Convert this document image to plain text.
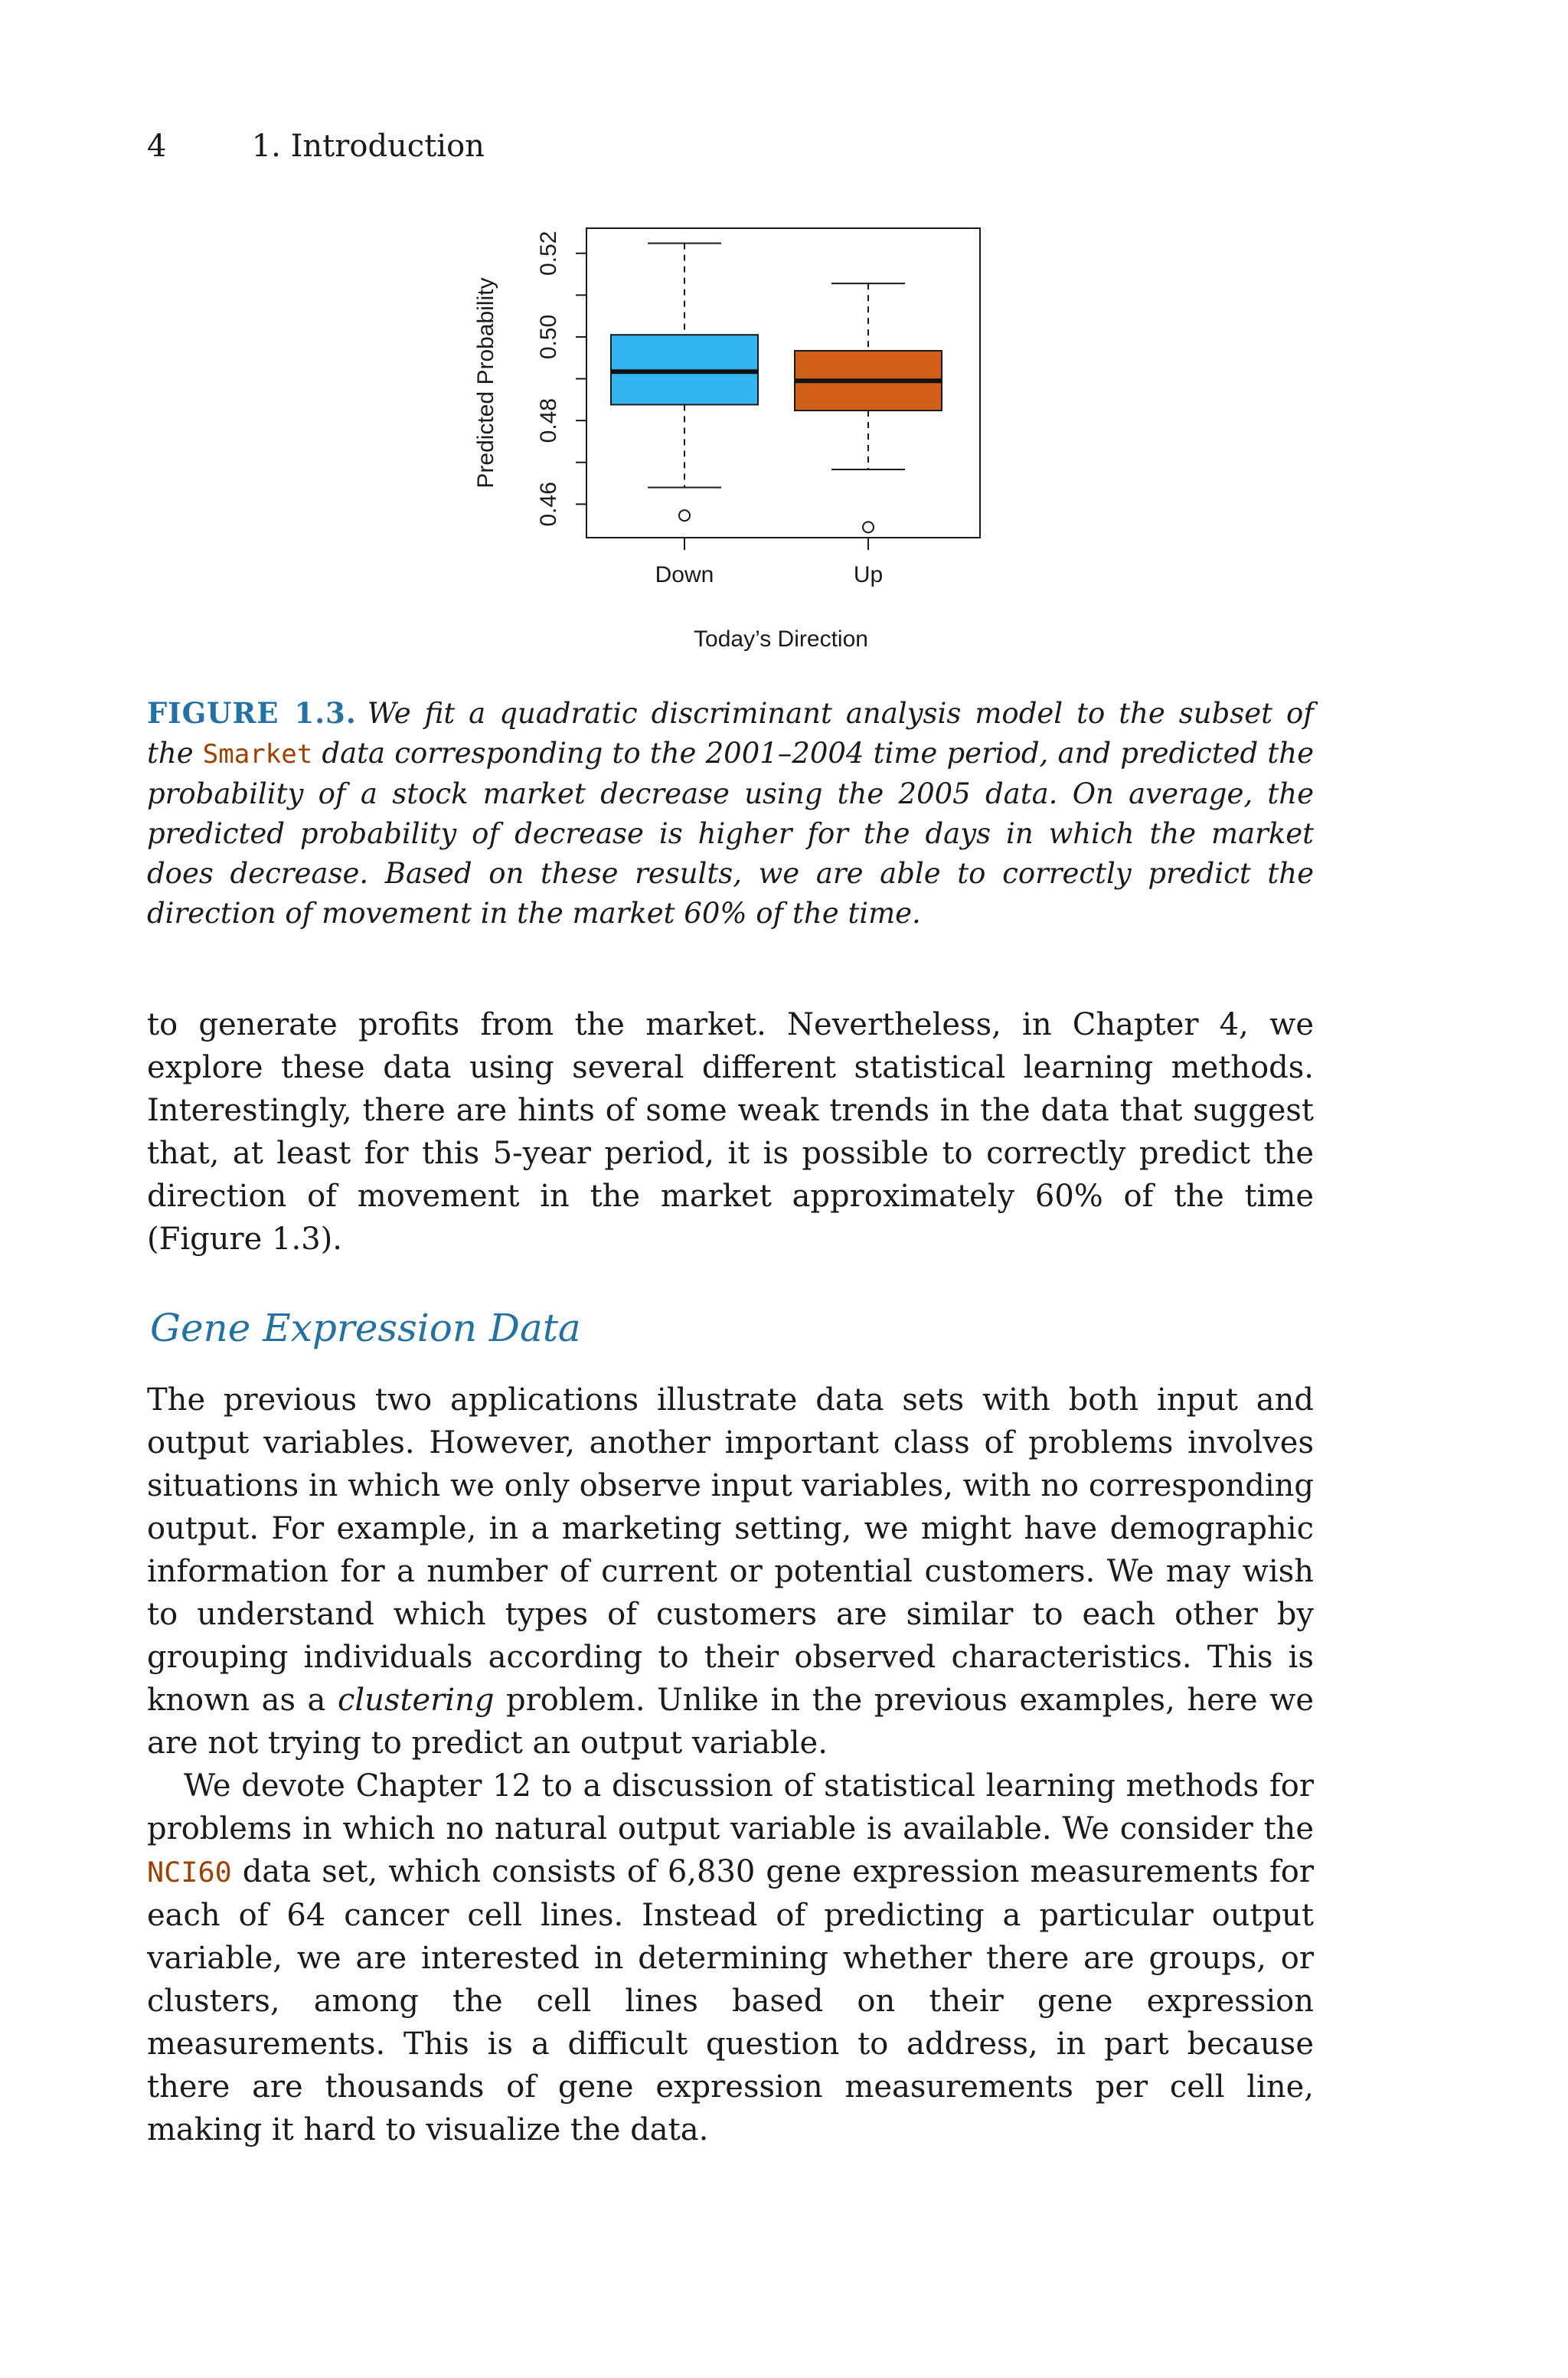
4	1. Introduction
0.46
0.48
0.50
0.52
Down	Up
Predicted Probability
Today’s Direction
FIGURE 1.3. We fit a quadratic discriminant analysis model to the subset of the Smarket data corresponding to the 2001–2004 time period, and predicted the probability of a stock market decrease using the 2005 data. On average, the predicted probability of decrease is higher for the days in which the market does decrease. Based on these results, we are able to correctly predict the direction of movement in the market 60% of the time.

to generate profits from the market. Nevertheless, in Chapter 4, we explore these data using several different statistical learning methods. Interestingly, there are hints of some weak trends in the data that suggest that, at least for this 5-year period, it is possible to correctly predict the direction of movement in the market approximately 60% of the time (Figure 1.3).

Gene Expression Data

The previous two applications illustrate data sets with both input and output variables. However, another important class of problems involves situations in which we only observe input variables, with no corresponding output. For example, in a marketing setting, we might have demographic information for a number of current or potential customers. We may wish to understand which types of customers are similar to each other by grouping individuals according to their observed characteristics. This is known as a clustering problem. Unlike in the previous examples, here we are not trying to predict an output variable.

We devote Chapter 12 to a discussion of statistical learning methods for problems in which no natural output variable is available. We consider the NCI60 data set, which consists of 6,830 gene expression measurements for each of 64 cancer cell lines. Instead of predicting a particular output variable, we are interested in determining whether there are groups, or clusters, among the cell lines based on their gene expression measurements. This is a difficult question to address, in part because there are thousands of gene expression measurements per cell line, making it hard to visualize the data.
